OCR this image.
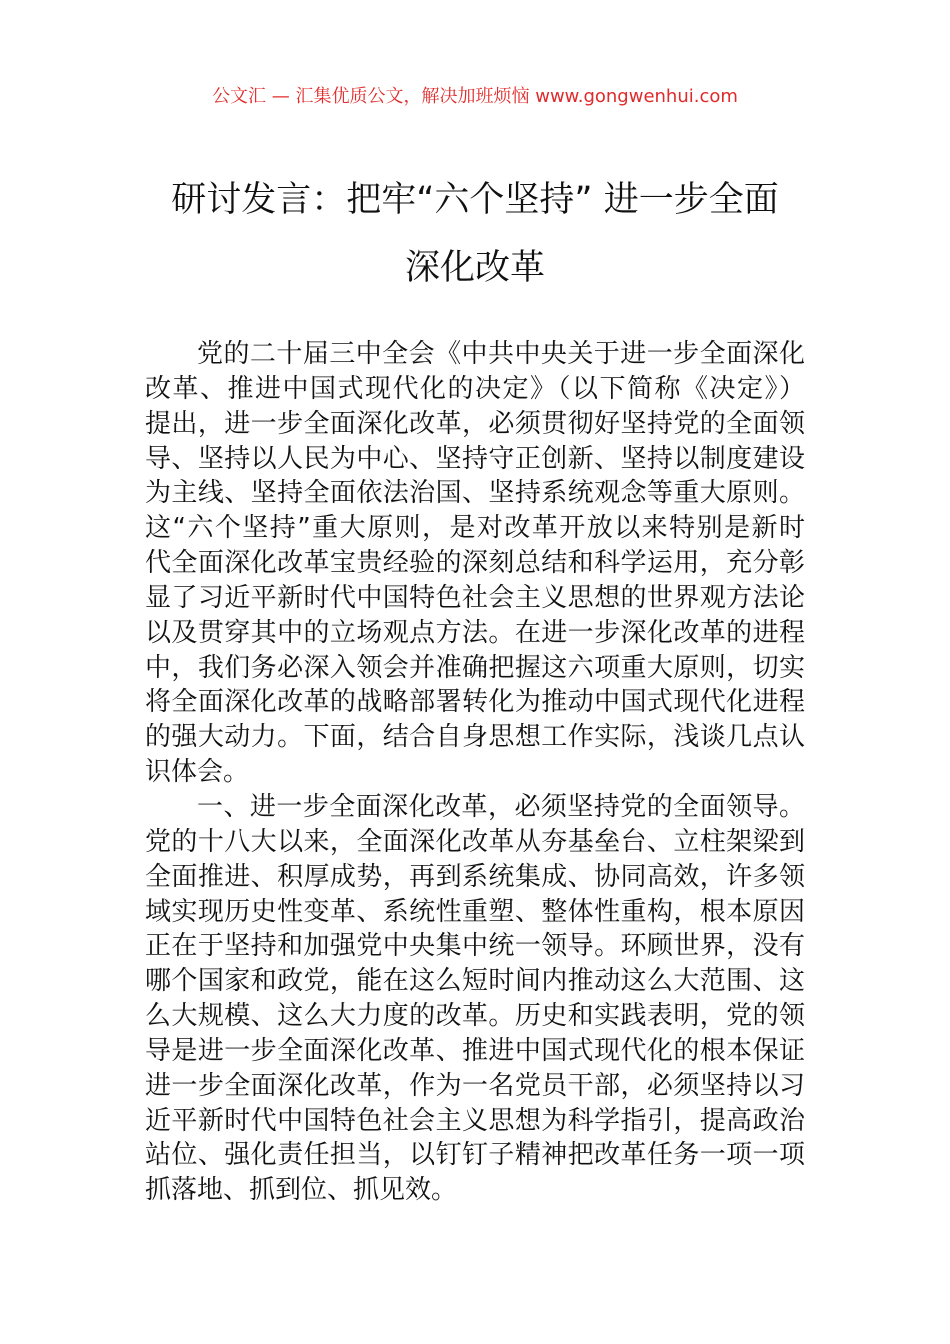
公文汇 — 汇集优质公文，解决加班烦恼 www.gongwenhui.com
研讨发言：把牢“六个坚持” 进一步全面
深化改革
党的二十届三中全会《中共中央关于进一步全面深化
改革、推进中国式现代化的决定》（以下简称《决定》）
提出，进一步全面深化改革，必须贯彻好坚持党的全面领
导、坚持以人民为中心、坚持守正创新、坚持以制度建设
为主线、坚持全面依法治国、坚持系统观念等重大原则。
这“六个坚持”重大原则，是对改革开放以来特别是新时
代全面深化改革宝贵经验的深刻总结和科学运用，充分彰
显了习近平新时代中国特色社会主义思想的世界观方法论
以及贯穿其中的立场观点方法。在进一步深化改革的进程
中，我们务必深入领会并准确把握这六项重大原则，切实
将全面深化改革的战略部署转化为推动中国式现代化进程
的强大动力。下面，结合自身思想工作实际，浅谈几点认
识体会。
一、进一步全面深化改革，必须坚持党的全面领导。
党的十八大以来，全面深化改革从夯基垒台、立柱架梁到
全面推进、积厚成势，再到系统集成、协同高效，许多领
域实现历史性变革、系统性重塑、整体性重构，根本原因
正在于坚持和加强党中央集中统一领导。环顾世界，没有
哪个国家和政党，能在这么短时间内推动这么大范围、这
么大规模、这么大力度的改革。历史和实践表明，党的领
导是进一步全面深化改革、推进中国式现代化的根本保证
进一步全面深化改革，作为一名党员干部，必须坚持以习
近平新时代中国特色社会主义思想为科学指引，提高政治
站位、强化责任担当，以钉钉子精神把改革任务一项一项
抓落地、抓到位、抓见效。
